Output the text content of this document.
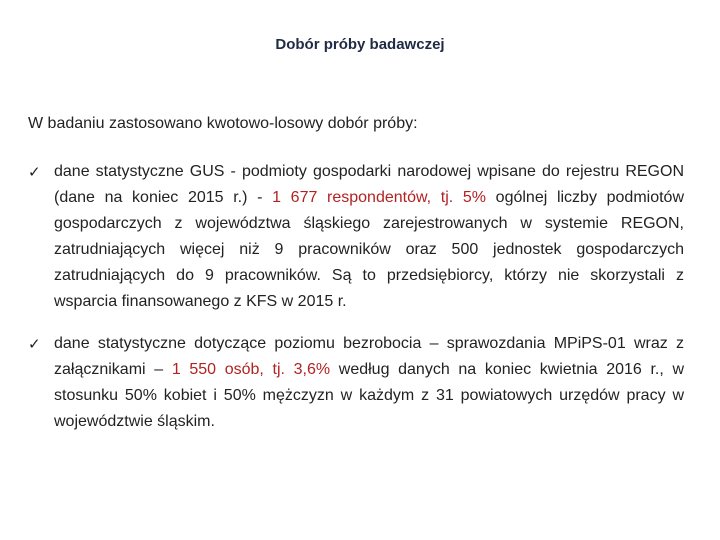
Dobór próby badawczej
W badaniu zastosowano kwotowo-losowy dobór próby:
✓ dane statystyczne GUS - podmioty gospodarki narodowej wpisane do rejestru REGON (dane na koniec 2015 r.) - 1 677 respondentów, tj. 5% ogólnej liczby podmiotów gospodarczych z województwa śląskiego zarejestrowanych w systemie REGON, zatrudniających więcej niż 9 pracowników oraz 500 jednostek gospodarczych zatrudniających do 9 pracowników. Są to przedsiębiorcy, którzy nie skorzystali z wsparcia finansowanego z KFS w 2015 r.
✓ dane statystyczne dotyczące poziomu bezrobocia – sprawozdania MPiPS-01 wraz z załącznikami – 1 550 osób, tj. 3,6% według danych na koniec kwietnia 2016 r., w stosunku 50% kobiet i 50% mężczyzn w każdym z 31 powiatowych urzędów pracy w województwie śląskim.
